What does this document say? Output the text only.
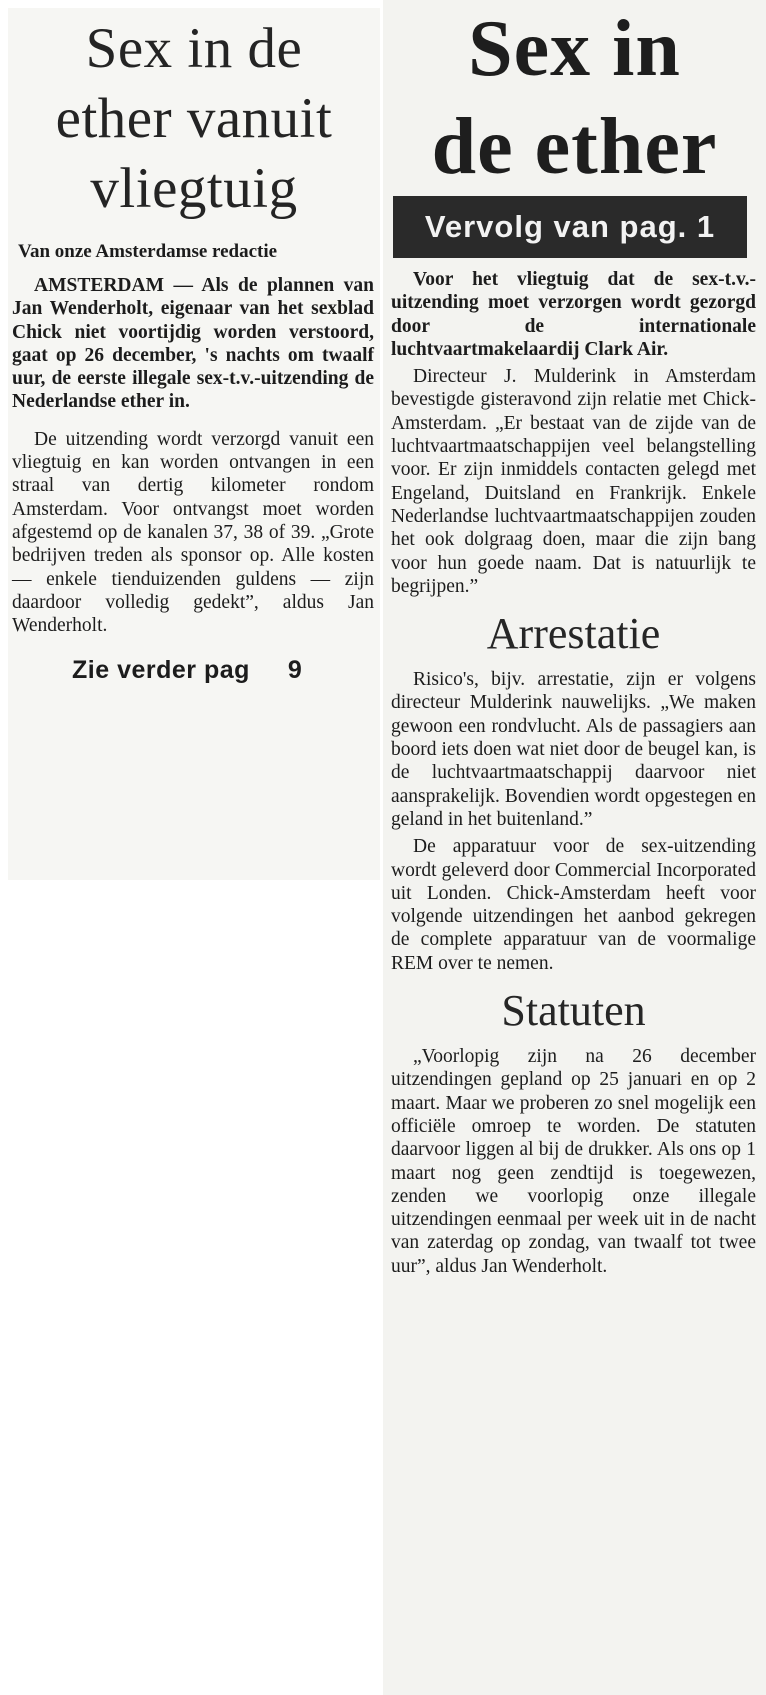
Sex in de
ether vanuit
vliegtuig
Van onze Amsterdamse redactie

AMSTERDAM — Als de plannen van Jan Wenderholt, eigenaar van het sexblad Chick niet voortijdig worden verstoord, gaat op 26 december, 's nachts om twaalf uur, de eerste illegale sex-t.v.-uitzending de Nederlandse ether in.

De uitzending wordt verzorgd vanuit een vliegtuig en kan worden ontvangen in een straal van dertig kilometer rondom Amsterdam. Voor ontvangst moet worden afgestemd op de kanalen 37, 38 of 39. „Grote bedrijven treden als sponsor op. Alle kosten — enkele tienduizenden guldens — zijn daardoor volledig gedekt”, aldus Jan Wenderholt.

Zie verder pag 9
Sex in
de ether
Vervolg van pag. 1

Voor het vliegtuig dat de sex-t.v.-uitzending moet verzorgen wordt gezorgd door de internationale luchtvaartmakelaardij Clark Air.

Directeur J. Mulderink in Amsterdam bevestigde gisteravond zijn relatie met Chick-Amsterdam. „Er bestaat van de zijde van de luchtvaartmaatschappijen veel belangstelling voor. Er zijn inmiddels contacten gelegd met Engeland, Duitsland en Frankrijk. Enkele Nederlandse luchtvaartmaatschappijen zouden het ook dolgraag doen, maar die zijn bang voor hun goede naam. Dat is natuurlijk te begrijpen.”

Arrestatie

Risico's, bijv. arrestatie, zijn er volgens directeur Mulderink nauwelijks. „We maken gewoon een rondvlucht. Als de passagiers aan boord iets doen wat niet door de beugel kan, is de luchtvaartmaatschappij daarvoor niet aansprakelijk. Bovendien wordt opgestegen en geland in het buitenland.”

De apparatuur voor de sex-uitzending wordt geleverd door Commercial Incorporated uit Londen. Chick-Amsterdam heeft voor volgende uitzendingen het aanbod gekregen de complete apparatuur van de voormalige REM over te nemen.

Statuten

„Voorlopig zijn na 26 december uitzendingen gepland op 25 januari en op 2 maart. Maar we proberen zo snel mogelijk een officiële omroep te worden. De statuten daarvoor liggen al bij de drukker. Als ons op 1 maart nog geen zendtijd is toegewezen, zenden we voorlopig onze illegale uitzendingen eenmaal per week uit in de nacht van zaterdag op zondag, van twaalf tot twee uur”, aldus Jan Wenderholt.
